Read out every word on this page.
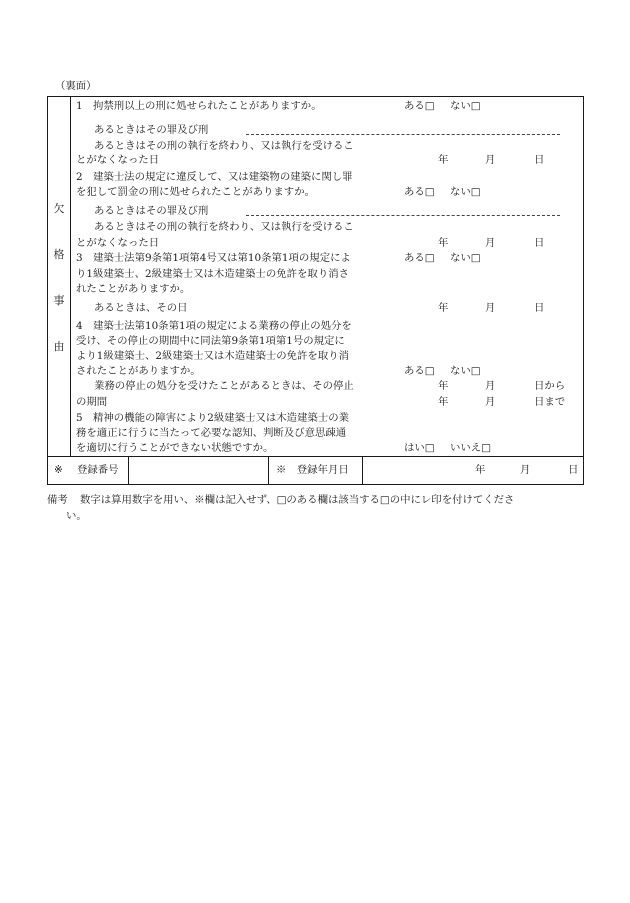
（裏面）
欠
格
事
由
1　拘禁刑以上の刑に処せられたことがありますか。	ある□ ない□
あるときはその罪及び刑
あるときはその刑の執行を終わり、又は執行を受けるこ
とがなくなった日	年	月	日
2　建築士法の規定に違反して、又は建築物の建築に関し罪
を犯して罰金の刑に処せられたことがありますか。	ある□ ない□
あるときはその罪及び刑
あるときはその刑の執行を終わり、又は執行を受けるこ
とがなくなった日	年	月	日
3　建築士法第9条第1項第4号又は第10条第1項の規定によ	ある□ ない□
り1級建築士、2級建築士又は木造建築士の免許を取り消さ
れたことがありますか。
あるときは、その日	年	月	日
4　建築士法第10条第1項の規定による業務の停止の処分を
受け、その停止の期間中に同法第9条第1項第1号の規定に
より1級建築士、2級建築士又は木造建築士の免許を取り消
されたことがありますか。	ある□ ない□
業務の停止の処分を受けたことがあるときは、その停止
の期間
年	月	日から
年	月	日まで
5　精神の機能の障害により2級建築士又は木造建築士の業
務を適正に行うに当たって必要な認知、判断及び意思疎通
を適切に行うことができない状態ですか。	はい□ いいえ□
※ 登録番号	※　登録年月日	年	月	日
備考 数字は算用数字を用い、※欄は記入せず、□のある欄は該当する□の中にレ印を付けてくださ
い。
